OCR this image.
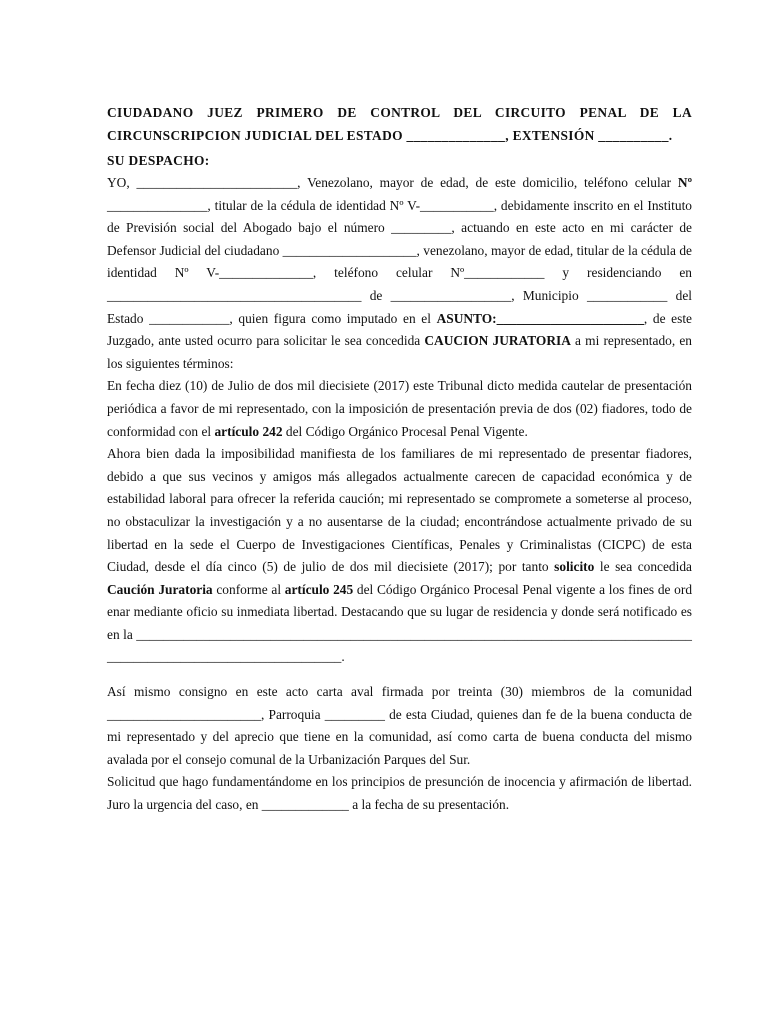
CIUDADANO JUEZ PRIMERO DE CONTROL DEL CIRCUITO PENAL DE LA CIRCUNSCRIPCION JUDICIAL DEL ESTADO ______________, EXTENSIÓN __________.

SU DESPACHO:

YO, ________________________, Venezolano, mayor de edad, de este domicilio, teléfono celular Nº _______________, titular de la cédula de identidad Nº V-___________, debidamente inscrito en el Instituto de Previsión social del Abogado bajo el número _________, actuando en este acto en mi carácter de Defensor Judicial del ciudadano ____________________, venezolano, mayor de edad, titular de la cédula de identidad Nº V-______________, teléfono celular Nº____________ y residenciando en ______________________________________ de __________________, Municipio ____________ del Estado ____________, quien figura como imputado en el ASUNTO:______________________, de este Juzgado, ante usted ocurro para solicitar le sea concedida CAUCION JURATORIA a mi representado, en los siguientes términos:

En fecha diez (10) de Julio de dos mil diecisiete (2017) este Tribunal dicto medida cautelar de presentación periódica a favor de mi representado, con la imposición de presentación previa de dos (02) fiadores, todo de conformidad con el artículo 242 del Código Orgánico Procesal Penal Vigente.

Ahora bien dada la imposibilidad manifiesta de los familiares de mi representado de presentar fiadores, debido a que sus vecinos y amigos más allegados actualmente carecen de capacidad económica y de estabilidad laboral para ofrecer la referida caución; mi representado se compromete a someterse al proceso, no obstaculizar la investigación y a no ausentarse de la ciudad; encontrándose actualmente privado de su libertad en la sede el Cuerpo de Investigaciones Científicas, Penales y Criminalistas (CICPC) de esta Ciudad, desde el día cinco (5) de julio de dos mil diecisiete (2017); por tanto solicito le sea concedida Caución Juratoria conforme al artículo 245 del Código Orgánico Procesal Penal vigente a los fines de ordenar mediante oficio su inmediata libertad. Destacando que su lugar de residencia y donde será notificado es en la ______________________________________________________________________________________________________________________.

Así mismo consigno en este acto carta aval firmada por treinta (30) miembros de la comunidad _______________________, Parroquia _________ de esta Ciudad, quienes dan fe de la buena conducta de mi representado y del aprecio que tiene en la comunidad, así como carta de buena conducta del mismo avalada por el consejo comunal de la Urbanización Parques del Sur.

Solicitud que hago fundamentándome en los principios de presunción de inocencia y afirmación de libertad. Juro la urgencia del caso, en _____________ a la fecha de su presentación.
